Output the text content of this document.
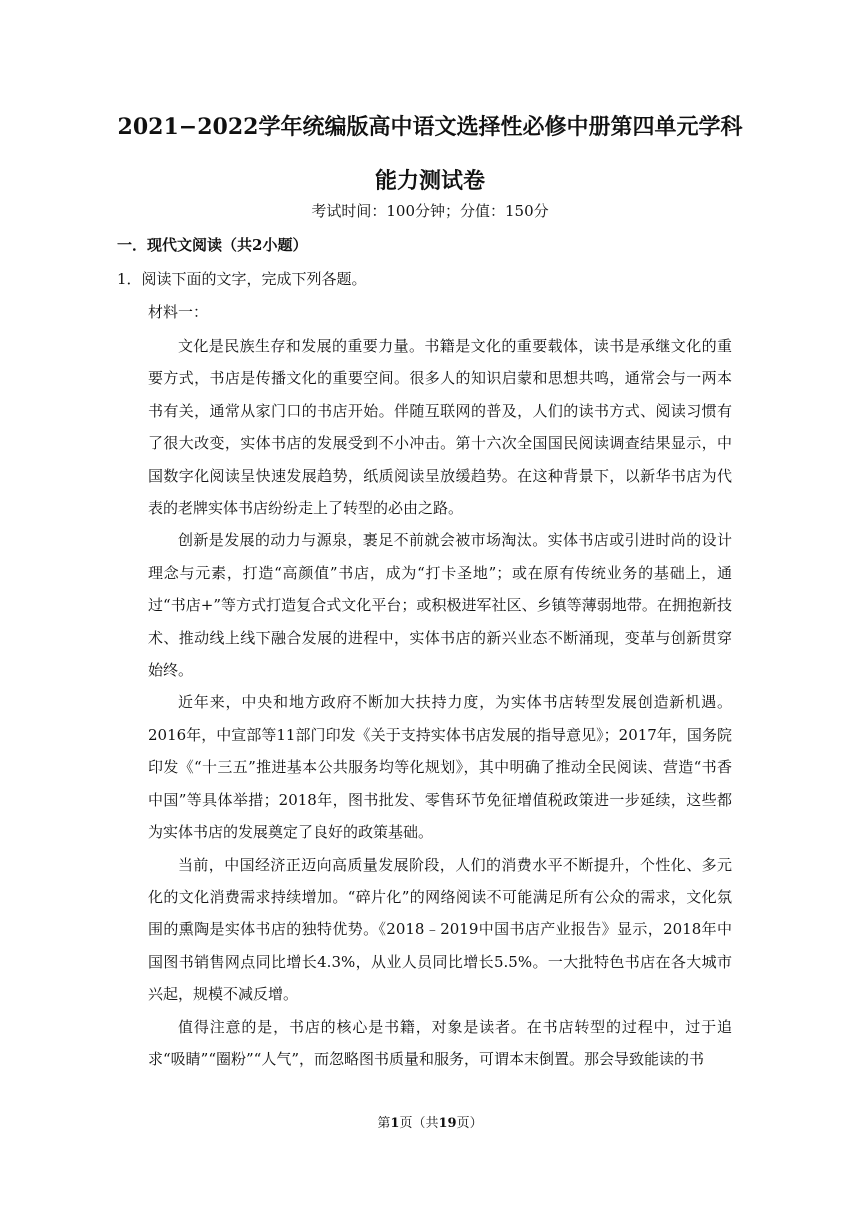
2021−2022学年统编版高中语文选择性必修中册第四单元学科
能力测试卷
考试时间：100分钟；分值：150分
一．现代文阅读（共2小题）
1．阅读下面的文字，完成下列各题。
材料一：

文化是民族生存和发展的重要力量。书籍是文化的重要载体，读书是承继文化的重要方式，书店是传播文化的重要空间。很多人的知识启蒙和思想共鸣，通常会与一两本书有关，通常从家门口的书店开始。伴随互联网的普及，人们的读书方式、阅读习惯有了很大改变，实体书店的发展受到不小冲击。第十六次全国国民阅读调查结果显示，中国数字化阅读呈快速发展趋势，纸质阅读呈放缓趋势。在这种背景下，以新华书店为代表的老牌实体书店纷纷走上了转型的必由之路。

创新是发展的动力与源泉，裹足不前就会被市场淘汰。实体书店或引进时尚的设计理念与元素，打造“高颜值”书店，成为“打卡圣地”；或在原有传统业务的基础上，通过“书店+”等方式打造复合式文化平台；或积极进军社区、乡镇等薄弱地带。在拥抱新技术、推动线上线下融合发展的进程中，实体书店的新兴业态不断涌现，变革与创新贯穿始终。

近年来，中央和地方政府不断加大扶持力度，为实体书店转型发展创造新机遇。2016年，中宣部等11部门印发《关于支持实体书店发展的指导意见》；2017年，国务院印发《“十三五”推进基本公共服务均等化规划》，其中明确了推动全民阅读、营造“书香中国”等具体举措；2018年，图书批发、零售环节免征增值税政策进一步延续，这些都为实体书店的发展奠定了良好的政策基础。

当前，中国经济正迈向高质量发展阶段，人们的消费水平不断提升，个性化、多元化的文化消费需求持续增加。“碎片化”的网络阅读不可能满足所有公众的需求，文化氛围的熏陶是实体书店的独特优势。《2018﹣2019中国书店产业报告》显示，2018年中国图书销售网点同比增长4.3%，从业人员同比增长5.5%。一大批特色书店在各大城市兴起，规模不减反增。

值得注意的是，书店的核心是书籍，对象是读者。在书店转型的过程中，过于追求“吸睛”“圈粉”“人气”，而忽略图书质量和服务，可谓本末倒置。那会导致能读的书

第1页（共19页）
